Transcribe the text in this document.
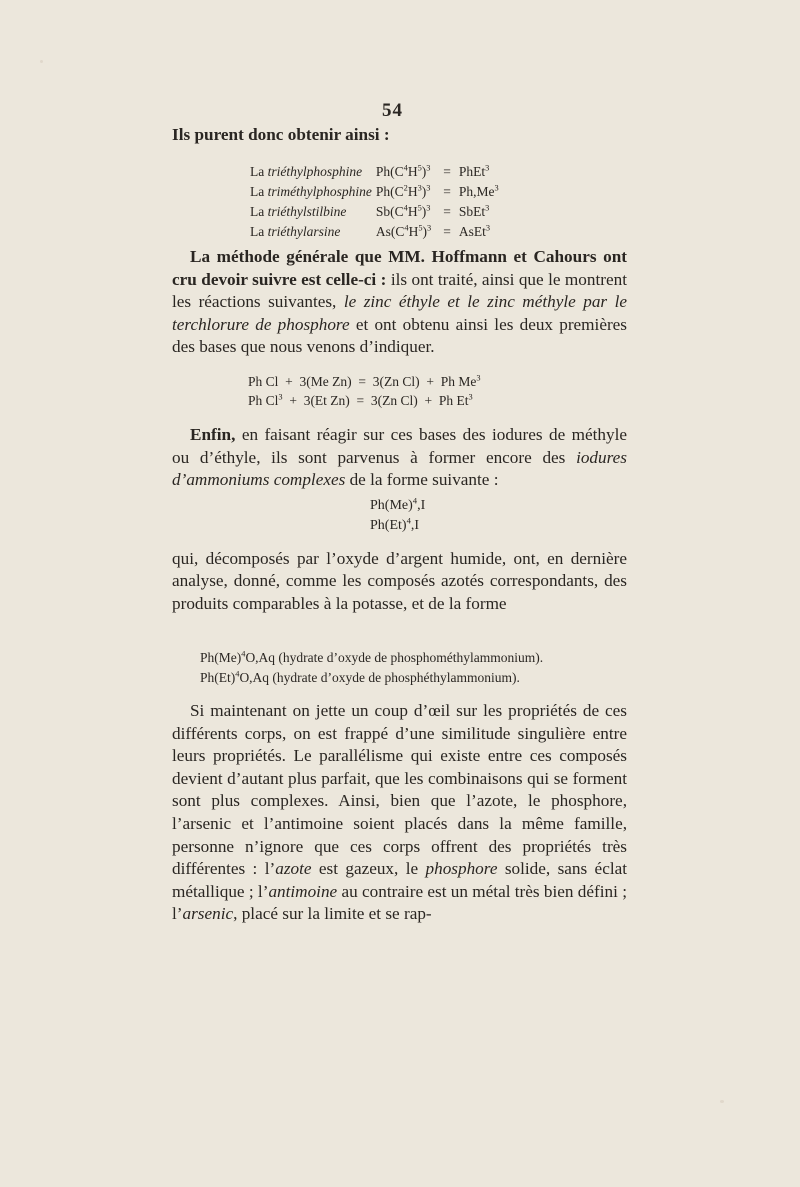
54
Ils purent donc obtenir ainsi :
La triéthylphosphine	$Ph(C^4H^5)^3$	=	PhEt$^3$
La triméthylphosphine	$Ph(C^2H^3)^3$	=	$Ph,Me^3$
La triéthylstilbine	$Sb(C^4H^5)^3$	=	SbEt$^3$
La triéthylarsine	$As(C^4H^5)^3$	=	AsEt$^3$
La méthode générale que MM. Hoffmann et Cahours ont cru devoir suivre est celle-ci : ils ont traité, ainsi que le montrent les réactions suivantes, le zinc éthyle et le zinc méthyle par le terchlorure de phosphore et ont obtenu ainsi les deux premières des bases que nous venons d’indiquer.
Ph Cl  +  3(Me Zn)  =  3(Zn Cl)  +  Ph Me$^3$
Ph Cl$^3$  +  3(Et Zn)  =  3(Zn Cl)  +  Ph Et$^3$
Enfin, en faisant réagir sur ces bases des iodures de méthyle ou d’éthyle, ils sont parvenus à former encore des iodures d’ammoniums complexes de la forme suivante :
$Ph(Me)^4,I$
$Ph(Et)^4,I$
qui, décomposés par l’oxyde d’argent humide, ont, en dernière analyse, donné, comme les composés azotés correspondants, des produits comparables à la potasse, et de la forme
$Ph(Me)^4O,Aq$ (hydrate d’oxyde de phosphométhylammonium).
$Ph(Et)^4O,Aq$ (hydrate d’oxyde de phosphéthylammonium).
Si maintenant on jette un coup d’œil sur les propriétés de ces différents corps, on est frappé d’une similitude singulière entre leurs propriétés. Le parallélisme qui existe entre ces composés devient d’autant plus parfait, que les combinaisons qui se forment sont plus complexes. Ainsi, bien que l’azote, le phosphore, l’arsenic et l’antimoine soient placés dans la même famille, personne n’ignore que ces corps offrent des propriétés très différentes : l’azote est gazeux, le phosphore solide, sans éclat métallique ; l’antimoine au contraire est un métal très bien défini ; l’arsenic, placé sur la limite et se rap-
